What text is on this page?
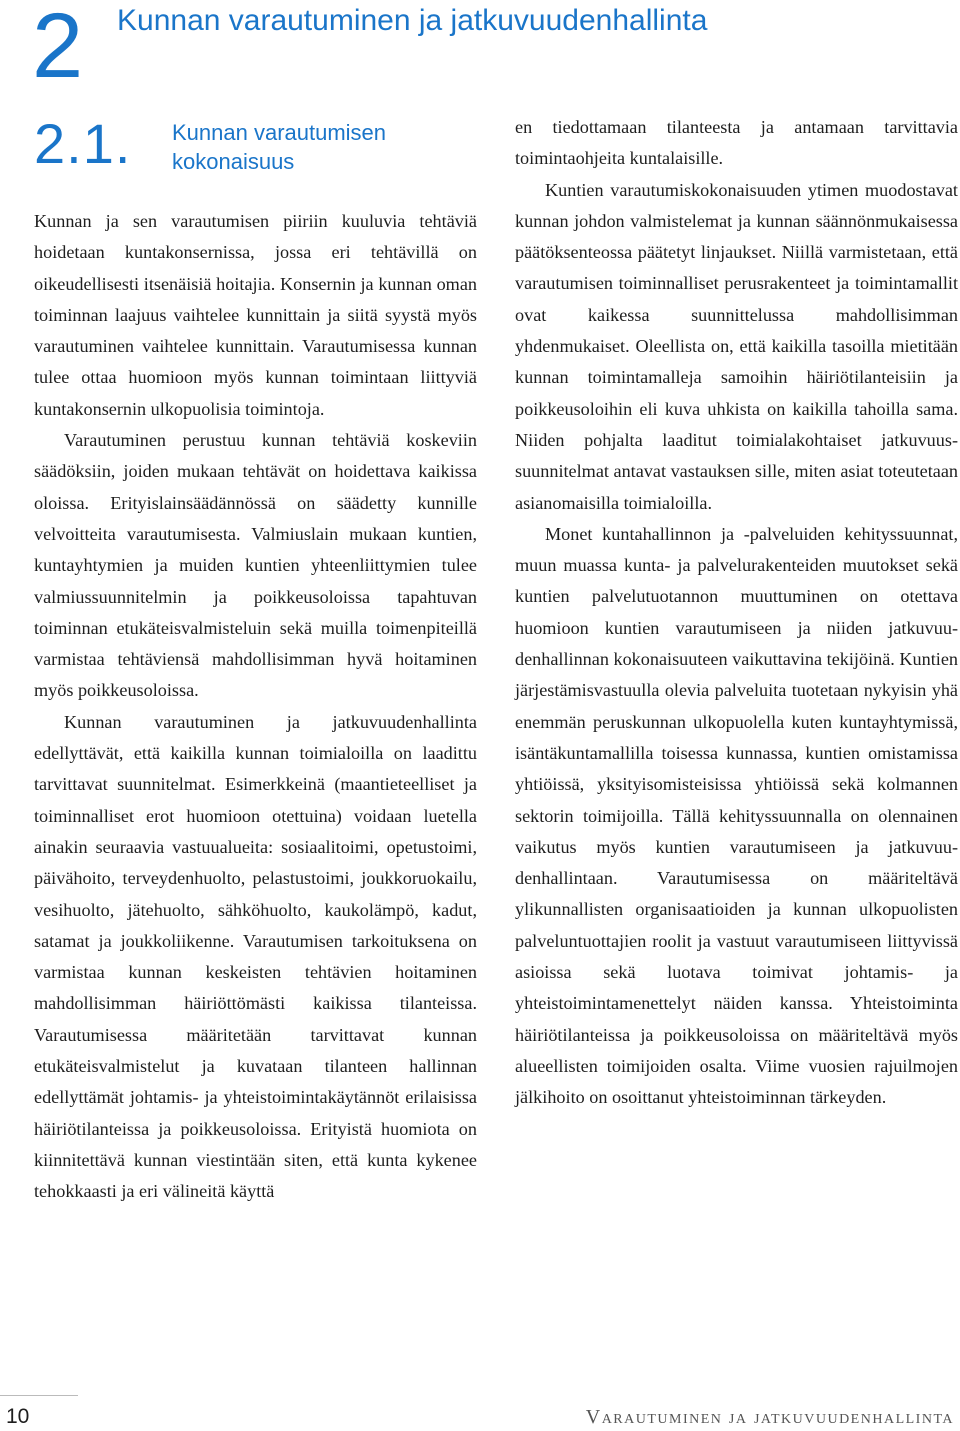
2 Kunnan varautuminen ja jatkuvuudenhallinta
2.1. Kunnan varautumisen kokonaisuus

Kunnan ja sen varautumisen piiriin kuuluvia tehtäviä hoidetaan kuntakonsernissa, jossa eri tehtävillä on oikeudellisesti itsenäisiä hoitajia. Konsernin ja kunnan oman toiminnan laajuus vaihtelee kunnittain ja siitä syystä myös varautuminen vaihtelee kunnittain. Varautumisessa kunnan tulee ottaa huomioon myös kunnan toimintaan liittyviä kuntakonsernin ulkopuolisia toimintoja.

Varautuminen perustuu kunnan tehtäviä koskeviin säädöksiin, joiden mukaan tehtävät on hoidettava kaikissa oloissa. Erityislainsäädännössä on säädetty kunnille velvoitteita varautumisesta. Valmiuslain mukaan kuntien, kuntayhtymien ja muiden kuntien yhteenliittymien tulee valmiussuunnitelmin ja poikkeusoloissa tapahtuvan toiminnan etukäteisvalmisteluin sekä muilla toimenpiteillä varmistaa tehtäviensä mahdollisimman hyvä hoitaminen myös poikkeusoloissa.

Kunnan varautuminen ja jatkuvuudenhallinta edellyttävät, että kaikilla kunnan toimialoilla on laadittu tarvittavat suunnitelmat. Esimerkkeinä (maantieteelliset ja toiminnalliset erot huomioon otettuina) voidaan luetella ainakin seuraavia vastuualueita: sosiaalitoimi, opetustoimi, päivähoito, terveydenhuolto, pelastustoimi, joukkoruokailu, vesihuolto, jätehuolto, sähköhuolto, kaukolämpö, kadut, satamat ja joukkoliikenne. Varautumisen tarkoituksena on varmistaa kunnan keskeisten tehtävien hoitaminen mahdollisimman häiriöttömästi kaikissa tilanteissa. Varautumisessa määritetään tarvittavat kunnan etukäteisvalmistelut ja kuvataan tilanteen hallinnan edellyttämät johtamis- ja yhteistoimintakäytännöt erilaisissa häiriötilanteissa ja poikkeusoloissa. Erityistä huomiota on kiinnitettävä kunnan viestintään siten, että kunta kykenee tehokkaasti ja eri välineitä käyttä

en tiedottamaan tilanteesta ja antamaan tarvittavia toimintaohjeita kuntalaisille.

Kuntien varautumiskokonaisuuden ytimen muodostavat kunnan johdon valmistelemat ja kunnan säännönmukaisessa päätöksenteossa päätetyt linjaukset. Niillä varmistetaan, että varautumisen toiminnalliset perusrakenteet ja toimintamallit ovat kaikessa suunnittelussa mahdollisimman yhdenmukaiset. Oleellista on, että kaikilla tasoilla mietitään kunnan toimintamalleja samoihin häiriötilanteisiin ja poikkeusoloihin eli kuva uhkista on kaikilla tahoilla sama. Niiden pohjalta laaditut toimialakohtaiset jatkuvuussuunnitelmat antavat vastauksen sille, miten asiat toteutetaan asianomaisilla toimialoilla.

Monet kuntahallinnon ja -palveluiden kehityssuunnat, muun muassa kunta- ja palvelurakenteiden muutokset sekä kuntien palvelutuotannon muuttuminen on otettava huomioon kuntien varautumiseen ja niiden jatkuvuudenhallinnan kokonaisuuteen vaikuttavina tekijöinä. Kuntien järjestämisvastuulla olevia palveluita tuotetaan nykyisin yhä enemmän peruskunnan ulkopuolella kuten kuntayhtymissä, isäntäkuntamallilla toisessa kunnassa, kuntien omistamissa yhtiöissä, yksityisomisteisissa yhtiöissä sekä kolmannen sektorin toimijoilla. Tällä kehityssuunnalla on olennainen vaikutus myös kuntien varautumiseen ja jatkuvuudenhallintaan. Varautumisessa on määriteltävä ylikunnallisten organisaatioiden ja kunnan ulkopuolisten palveluntuottajien roolit ja vastuut varautumiseen liittyvissä asioissa sekä luotava toimivat johtamis- ja yhteistoimintamenettelyt näiden kanssa. Yhteistoiminta häiriötilanteissa ja poikkeusoloissa on määriteltävä myös alueellisten toimijoiden osalta. Viime vuosien rajuilmojen jälkihoito on osoittanut yhteistoiminnan tärkeyden.

10	Varautuminen ja jatkuvuudenhallinta
